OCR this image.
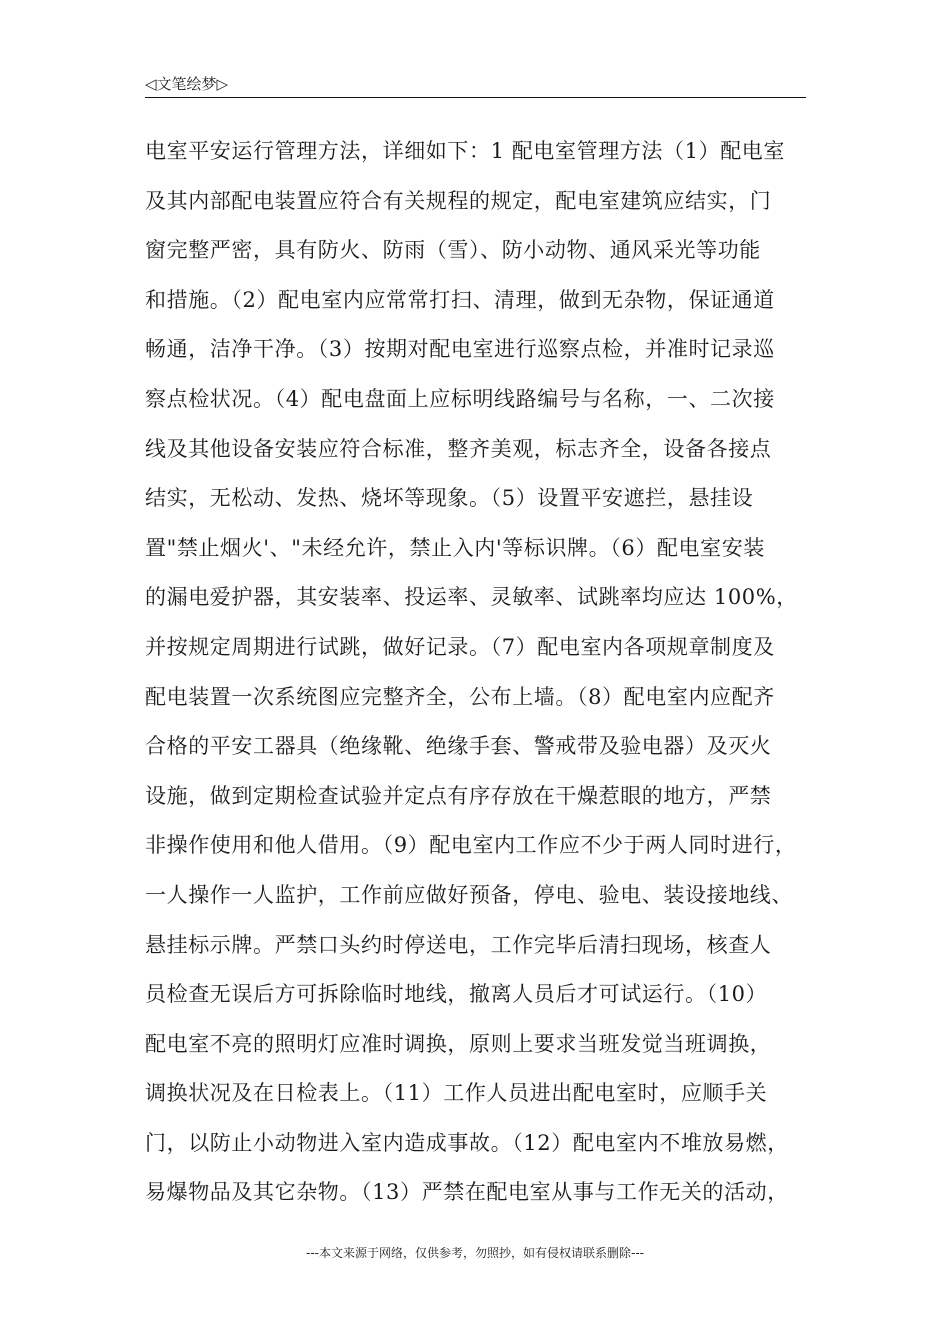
◁文笔绘梦▷
电室平安运行管理方法，详细如下：1 配电室管理方法（1）配电室
及其内部配电装置应符合有关规程的规定，配电室建筑应结实，门
窗完整严密，具有防火、防雨（雪）、防小动物、通风采光等功能
和措施。（2）配电室内应常常打扫、清理，做到无杂物，保证通道
畅通，洁净干净。（3）按期对配电室进行巡察点检，并准时记录巡
察点检状况。（4）配电盘面上应标明线路编号与名称，一、二次接
线及其他设备安装应符合标准，整齐美观，标志齐全，设备各接点
结实，无松动、发热、烧坏等现象。（5）设置平安遮拦，悬挂设
置"禁止烟火'、"未经允许，禁止入内'等标识牌。（6）配电室安装
的漏电爱护器，其安装率、投运率、灵敏率、试跳率均应达 100%，
并按规定周期进行试跳，做好记录。（7）配电室内各项规章制度及
配电装置一次系统图应完整齐全，公布上墙。（8）配电室内应配齐
合格的平安工器具（绝缘靴、绝缘手套、警戒带及验电器）及灭火
设施，做到定期检查试验并定点有序存放在干燥惹眼的地方，严禁
非操作使用和他人借用。（9）配电室内工作应不少于两人同时进行，
一人操作一人监护，工作前应做好预备，停电、验电、装设接地线、
悬挂标示牌。严禁口头约时停送电，工作完毕后清扫现场，核查人
员检查无误后方可拆除临时地线，撤离人员后才可试运行。（10）
配电室不亮的照明灯应准时调换，原则上要求当班发觉当班调换，
调换状况及在日检表上。（11）工作人员进出配电室时，应顺手关
门，以防止小动物进入室内造成事故。（12）配电室内不堆放易燃，
易爆物品及其它杂物。（13）严禁在配电室从事与工作无关的活动，
---本文来源于网络，仅供参考，勿照抄，如有侵权请联系删除---
